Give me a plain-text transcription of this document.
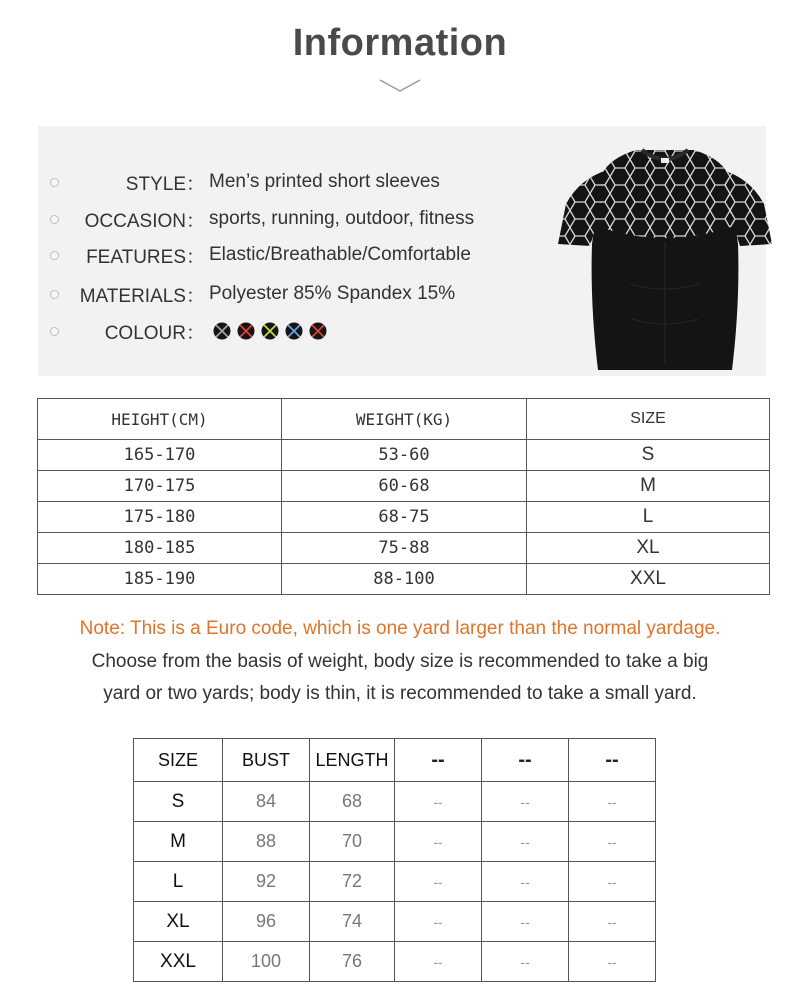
Information
STYLE： Men’s printed short sleeves
OCCASION： sports, running, outdoor, fitness
FEATURES： Elastic/Breathable/Comfortable
MATERIALS： Polyester 85% Spandex 15%
COLOUR：
HEIGHT(CM)	WEIGHT(KG)	SIZE
165-170	53-60	S
170-175	60-68	M
175-180	68-75	L
180-185	75-88	XL
185-190	88-100	XXL
Note: This is a Euro code, which is one yard larger than the normal yardage.
Choose from the basis of weight, body size is recommended to take a big
yard or two yards; body is thin, it is recommended to take a small yard.
SIZE	BUST	LENGTH	--	--	--
S	84	68	--	--	--
M	88	70	--	--	--
L	92	72	--	--	--
XL	96	74	--	--	--
XXL	100	76	--	--	--
